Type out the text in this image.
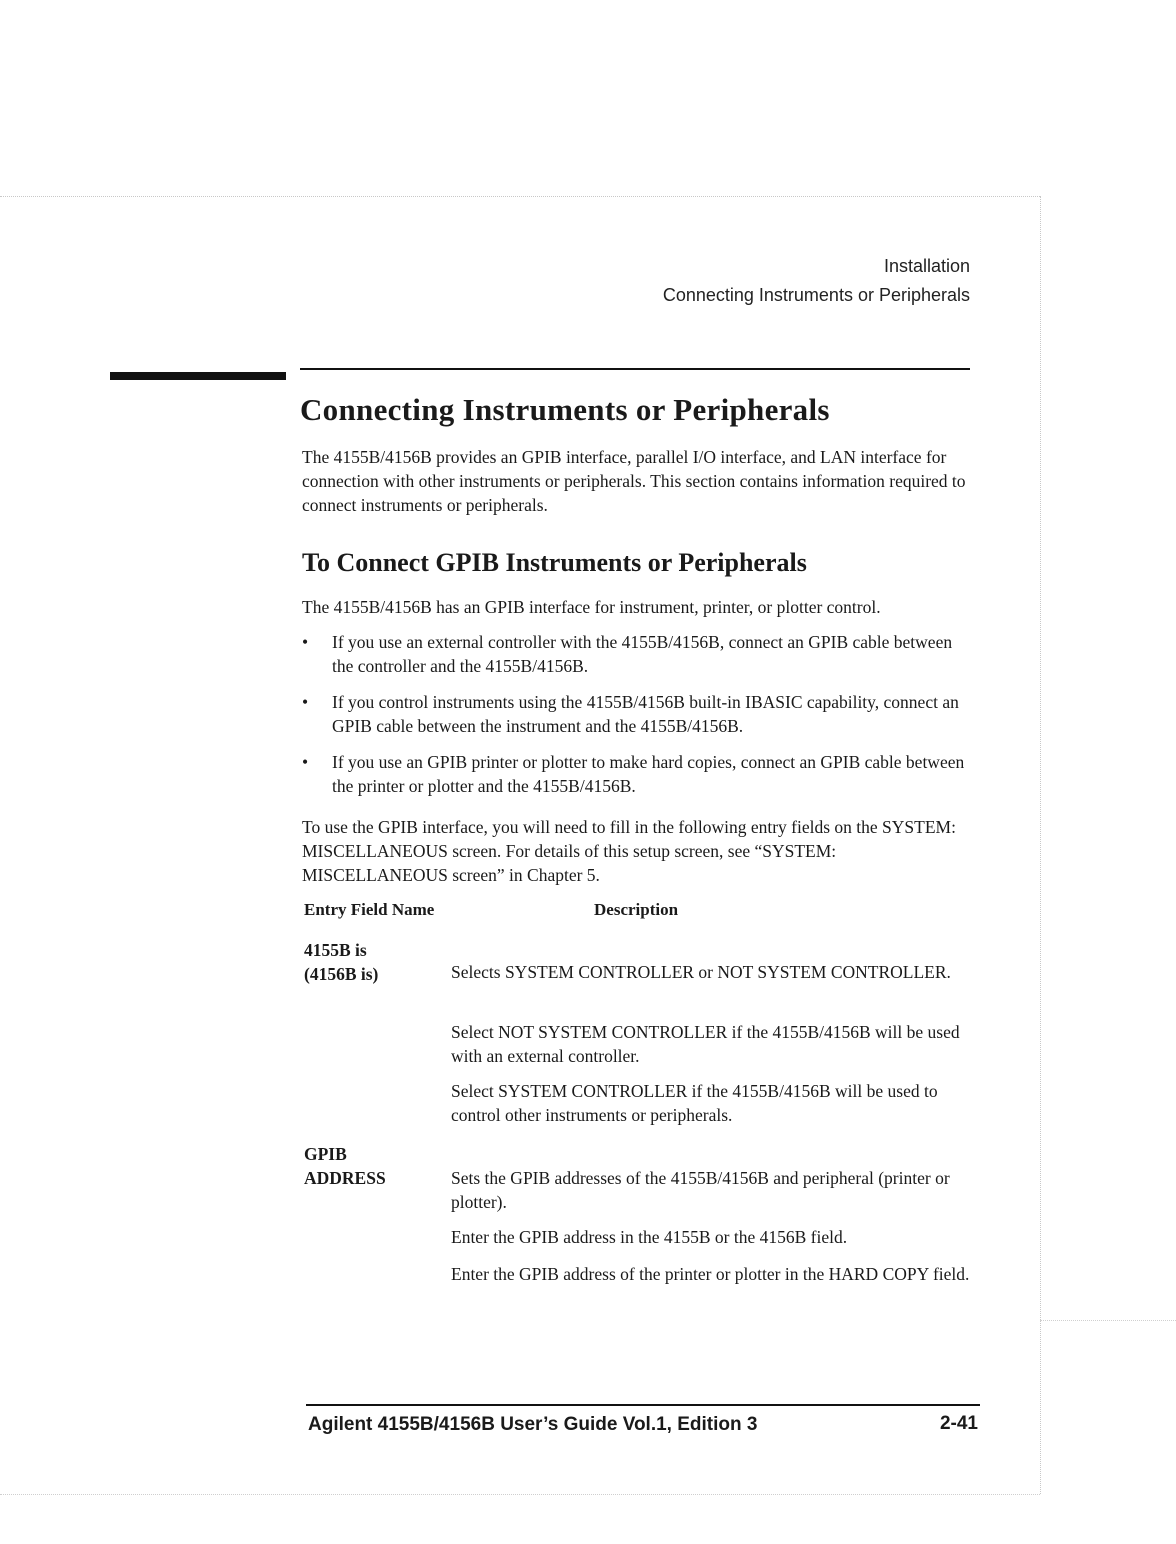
Installation
Connecting Instruments or Peripherals
Connecting Instruments or Peripherals
The 4155B/4156B provides an GPIB interface, parallel I/O interface, and LAN interface for connection with other instruments or peripherals. This section contains information required to connect instruments or peripherals.
To Connect GPIB Instruments or Peripherals
The 4155B/4156B has an GPIB interface for instrument, printer, or plotter control.
• If you use an external controller with the 4155B/4156B, connect an GPIB cable between the controller and the 4155B/4156B.
• If you control instruments using the 4155B/4156B built-in IBASIC capability, connect an GPIB cable between the instrument and the 4155B/4156B.
• If you use an GPIB printer or plotter to make hard copies, connect an GPIB cable between the printer or plotter and the 4155B/4156B.
To use the GPIB interface, you will need to fill in the following entry fields on the SYSTEM: MISCELLANEOUS screen. For details of this setup screen, see “SYSTEM: MISCELLANEOUS screen” in Chapter 5.
Entry Field Name	Description
4155B is
(4156B is)	Selects SYSTEM CONTROLLER or NOT SYSTEM CONTROLLER.
Select NOT SYSTEM CONTROLLER if the 4155B/4156B will be used with an external controller.
Select SYSTEM CONTROLLER if the 4155B/4156B will be used to control other instruments or peripherals.
GPIB
ADDRESS	Sets the GPIB addresses of the 4155B/4156B and peripheral (printer or plotter).
Enter the GPIB address in the 4155B or the 4156B field.
Enter the GPIB address of the printer or plotter in the HARD COPY field.
Agilent 4155B/4156B User’s Guide Vol.1, Edition 3	2-41
